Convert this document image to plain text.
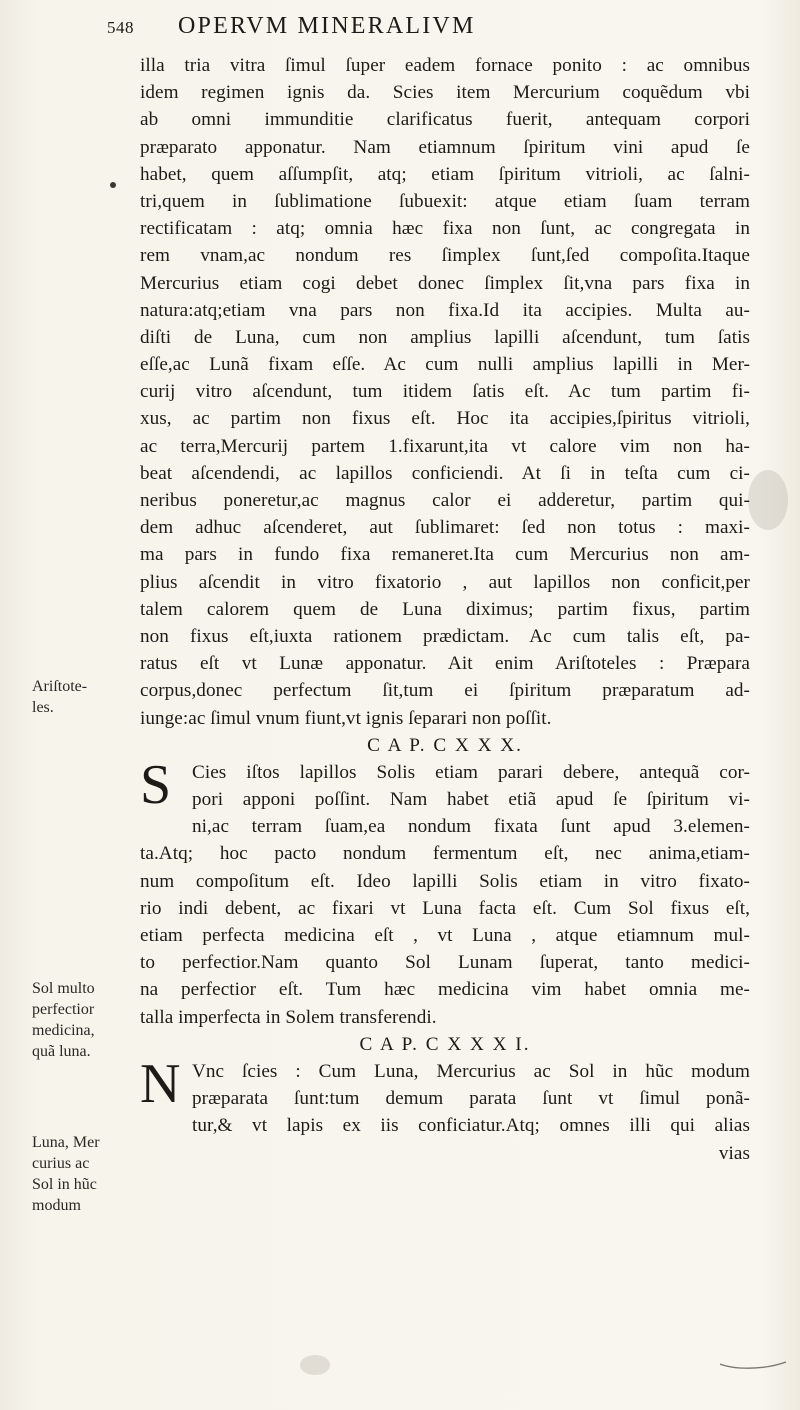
548 OPERVM MINERALIVM
illa tria vitra ſimul ſuper eadem fornace ponito : ac omnibus
idem regimen ignis da. Scies item Mercurium coquẽdum vbi
ab omni immunditie clarificatus fuerit, antequam corpori
præparato apponatur. Nam etiamnum ſpiritum vini apud ſe
habet, quem aſſumpſit, atq; etiam ſpiritum vitrioli, ac ſalni-
tri,quem in ſublimatione ſubuexit: atque etiam ſuam terram
rectificatam : atq; omnia hæc fixa non ſunt, ac congregata in
rem vnam,ac nondum res ſimplex ſunt,ſed compoſita.Itaque
Mercurius etiam cogi debet donec ſimplex ſit,vna pars fixa in
natura:atq;etiam vna pars non fixa.Id ita accipies. Multa au-
diſti de Luna, cum non amplius lapilli aſcendunt, tum ſatis
eſſe,ac Lunã fixam eſſe. Ac cum nulli amplius lapilli in Mer-
curij vitro aſcendunt, tum itidem ſatis eſt. Ac tum partim fi-
xus, ac partim non fixus eſt. Hoc ita accipies,ſpiritus vitrioli,
ac terra,Mercurij partem 1.fixarunt,ita vt calore vim non ha-
beat aſcendendi, ac lapillos conficiendi. At ſi in teſta cum ci-
neribus poneretur,ac magnus calor ei adderetur, partim qui-
dem adhuc aſcenderet, aut ſublimaret: ſed non totus : maxi-
ma pars in fundo fixa remaneret.Ita cum Mercurius non am-
plius aſcendit in vitro fixatorio , aut lapillos non conficit,per
talem calorem quem de Luna diximus; partim fixus, partim
non fixus eſt,iuxta rationem prædictam. Ac cum talis eſt, pa-
ratus eſt vt Lunæ apponatur. Ait enim Ariſtoteles : Præpara
corpus,donec perfectum ſit,tum ei ſpiritum præparatum ad-
iunge:ac ſimul vnum fiunt,vt ignis ſeparari non poſſit.
C A P. C X X X.
S	Cies iſtos lapillos Solis etiam parari debere, antequã cor-
pori apponi poſſint. Nam habet etiã apud ſe ſpiritum vi-
ni,ac terram ſuam,ea nondum fixata ſunt apud 3.elemen-
ta.Atq; hoc pacto nondum fermentum eſt, nec anima,etiam-
num compoſitum eſt. Ideo lapilli Solis etiam in vitro fixato-
rio indi debent, ac fixari vt Luna facta eſt. Cum Sol fixus eſt,
etiam perfecta medicina eſt , vt Luna , atque etiamnum mul-
to perfectior.Nam quanto Sol Lunam ſuperat, tanto medici-
na perfectior eſt. Tum hæc medicina vim habet omnia me-
talla imperfecta in Solem transferendi.
C A P. C X X X I.
N Vnc ſcies : Cum Luna, Mercurius ac Sol in hũc modum
præparata ſunt:tum demum parata ſunt vt ſimul ponã-
tur,& vt lapis ex iis conficiatur.Atq; omnes illi qui alias
vias
Ariſtote-
les.
Sol multo
perfectior
medicina,
quã luna.
Luna, Mer
curius ac
Sol in hũc
modum
